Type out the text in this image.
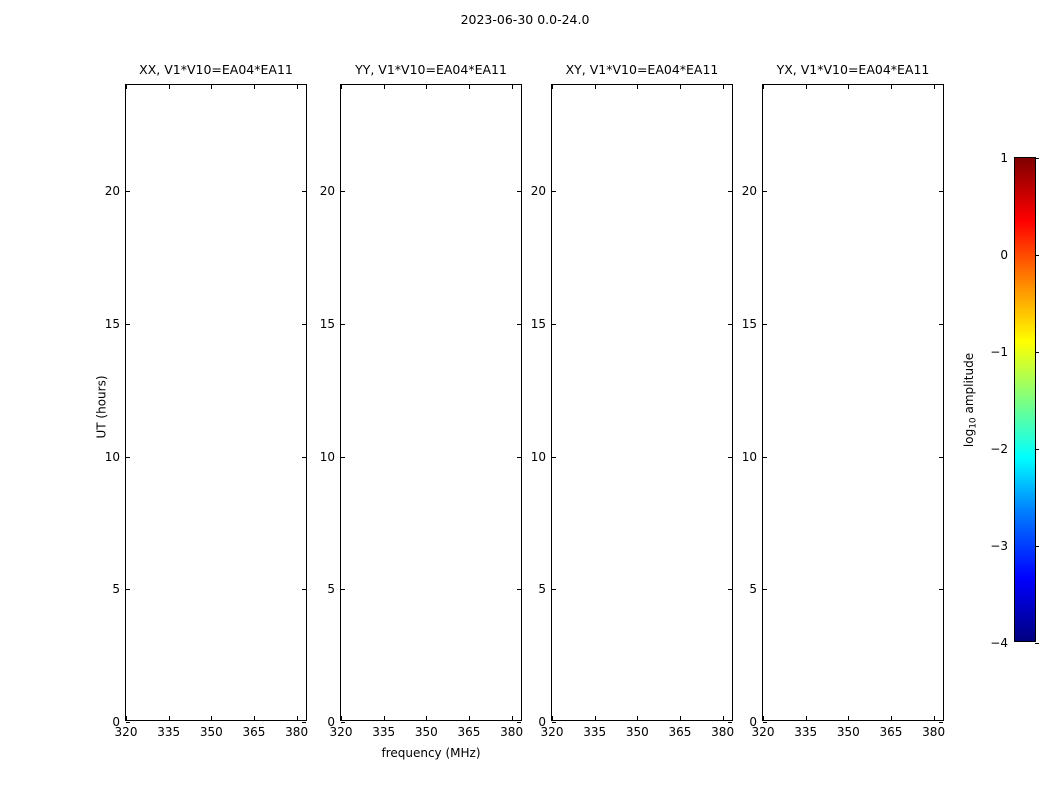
2023-06-30 0.0-24.0
XX, V1*V10=EA04*EA11
0
5
10
15
20
320 335 350 365 380
YY, V1*V10=EA04*EA11
0
5
10
15
20
320 335 350 365 380
XY, V1*V10=EA04*EA11
0
5
10
15
20
320 335 350 365 380
YX, V1*V10=EA04*EA11
0
5
10
15
20
320 335 350 365 380
UT (hours)
frequency (MHz)
1
0
−1
−2
−3
−4
$\log_{10}$ amplitude
